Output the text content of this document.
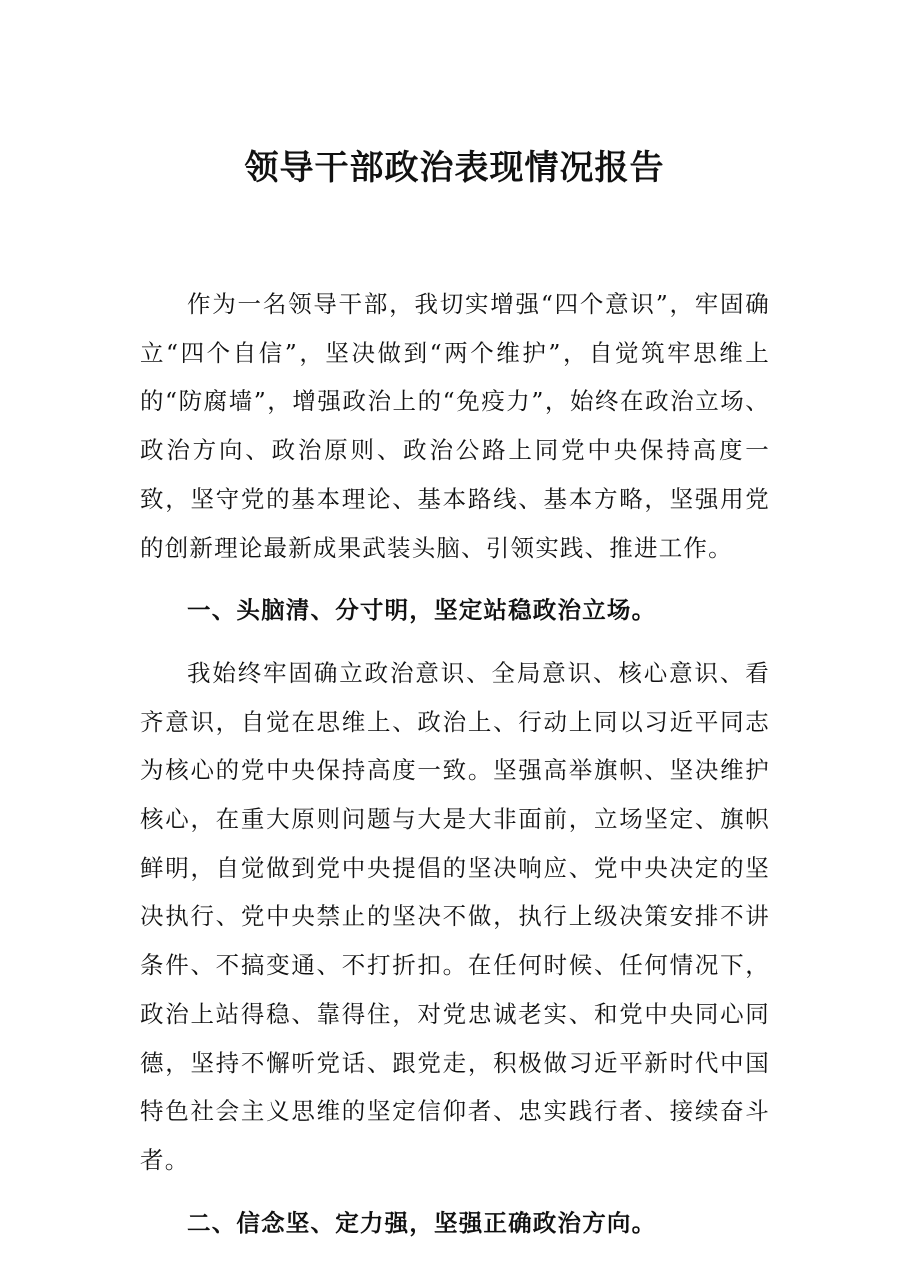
领导干部政治表现情况报告

作为一名领导干部，我切实增强“四个意识”，牢固确立“四个自信”，坚决做到“两个维护”，自觉筑牢思维上的“防腐墙”，增强政治上的“免疫力”，始终在政治立场、政治方向、政治原则、政治公路上同党中央保持高度一致，坚守党的基本理论、基本路线、基本方略，坚强用党的创新理论最新成果武装头脑、引领实践、推进工作。

一、头脑清、分寸明，坚定站稳政治立场。

我始终牢固确立政治意识、全局意识、核心意识、看齐意识，自觉在思维上、政治上、行动上同以习近平同志为核心的党中央保持高度一致。坚强高举旗帜、坚决维护核心，在重大原则问题与大是大非面前，立场坚定、旗帜鲜明，自觉做到党中央提倡的坚决响应、党中央决定的坚决执行、党中央禁止的坚决不做，执行上级决策安排不讲条件、不搞变通、不打折扣。在任何时候、任何情况下，政治上站得稳、靠得住，对党忠诚老实、和党中央同心同德，坚持不懈听党话、跟党走，积极做习近平新时代中国特色社会主义思维的坚定信仰者、忠实践行者、接续奋斗者。

二、信念坚、定力强，坚强正确政治方向。
